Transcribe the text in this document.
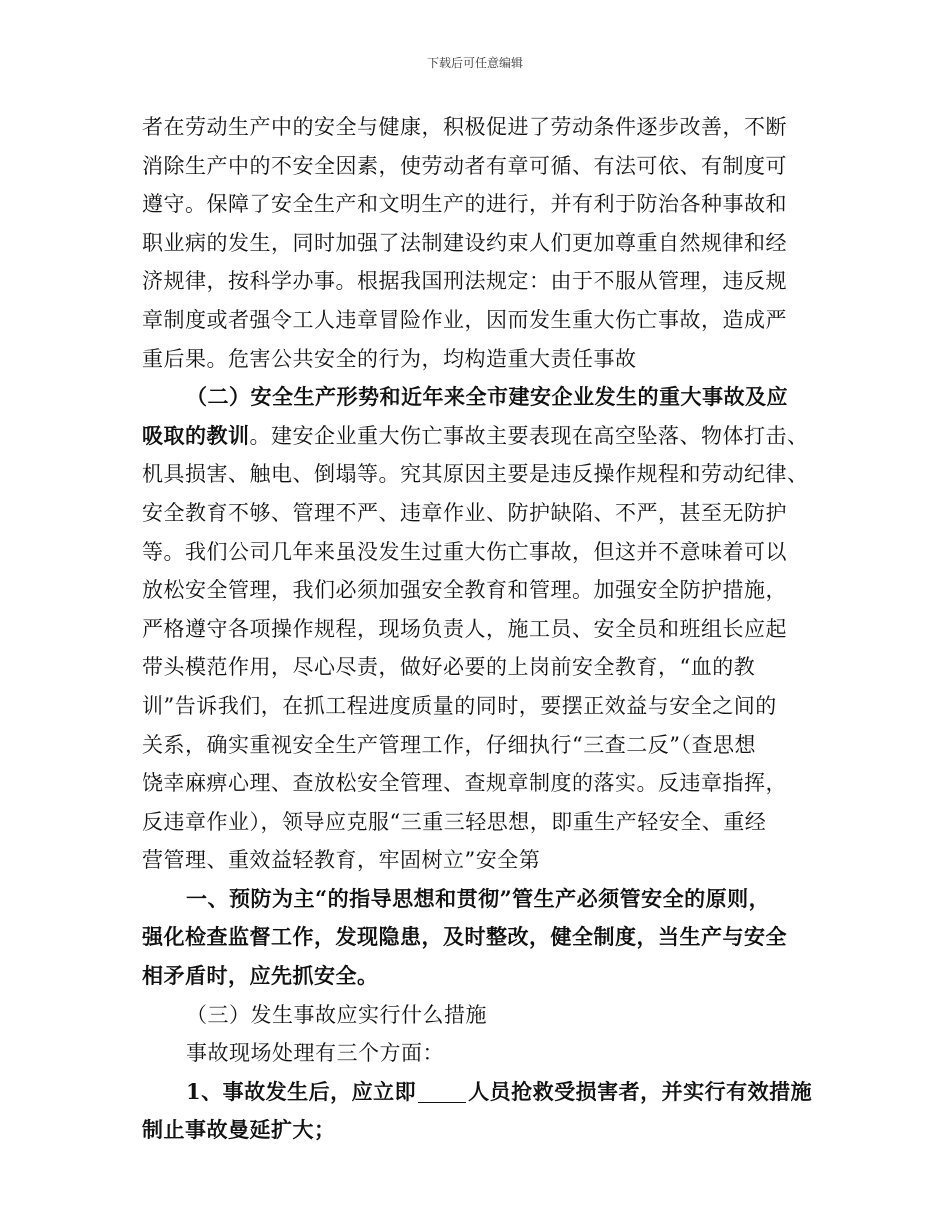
下载后可任意编辑
者在劳动生产中的安全与健康，积极促进了劳动条件逐步改善，不断
消除生产中的不安全因素，使劳动者有章可循、有法可依、有制度可
遵守。保障了安全生产和文明生产的进行，并有利于防治各种事故和
职业病的发生，同时加强了法制建设约束人们更加尊重自然规律和经
济规律，按科学办事。根据我国刑法规定：由于不服从管理，违反规
章制度或者强令工人违章冒险作业，因而发生重大伤亡事故，造成严
重后果。危害公共安全的行为，均构造重大责任事故
（二）安全生产形势和近年来全市建安企业发生的重大事故及应
吸取的教训。建安企业重大伤亡事故主要表现在高空坠落、物体打击、
机具损害、触电、倒塌等。究其原因主要是违反操作规程和劳动纪律、
安全教育不够、管理不严、违章作业、防护缺陷、不严，甚至无防护
等。我们公司几年来虽没发生过重大伤亡事故，但这并不意味着可以
放松安全管理，我们必须加强安全教育和管理。加强安全防护措施，
严格遵守各项操作规程，现场负责人，施工员、安全员和班组长应起
带头模范作用，尽心尽责，做好必要的上岗前安全教育，“血的教
训”告诉我们，在抓工程进度质量的同时，要摆正效益与安全之间的
关系，确实重视安全生产管理工作，仔细执行“三查二反”（查思想
饶幸麻痹心理、查放松安全管理、查规章制度的落实。反违章指挥，
反违章作业），领导应克服“三重三轻思想，即重生产轻安全、重经
营管理、重效益轻教育，牢固树立”安全第
一、预防为主“的指导思想和贯彻”管生产必须管安全的原则，
强化检查监督工作，发现隐患，及时整改，健全制度，当生产与安全
相矛盾时，应先抓安全。
（三）发生事故应实行什么措施
事故现场处理有三个方面：
1、事故发生后，应立即 人员抢救受损害者，并实行有效措施
制止事故曼延扩大；
